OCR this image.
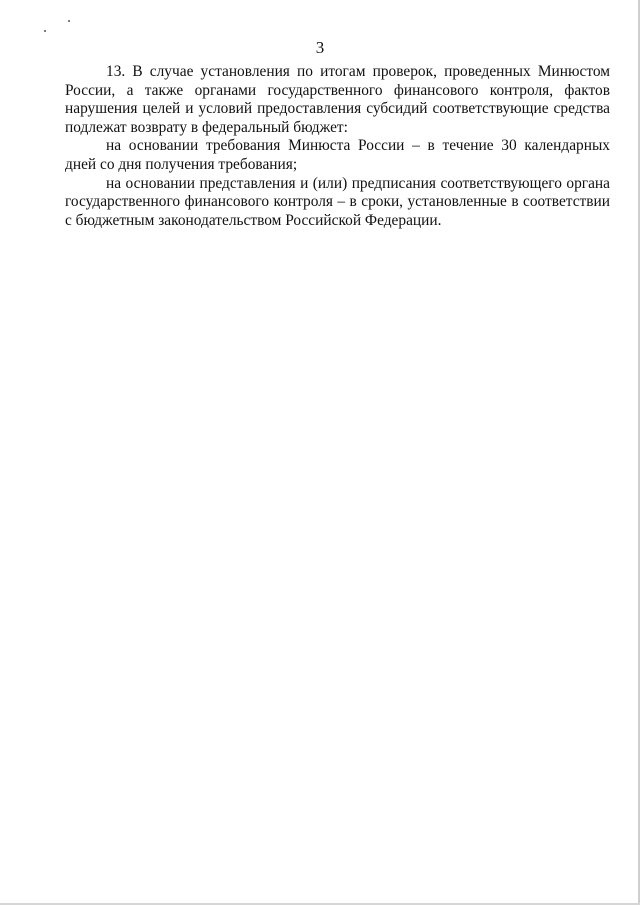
3

13. В случае установления по итогам проверок, проведенных Минюстом России, а также органами государственного финансового контроля, фактов нарушения целей и условий предоставления субсидий соответствующие средства подлежат возврату в федеральный бюджет:

на основании требования Минюста России – в течение 30 календарных дней со дня получения требования;

на основании представления и (или) предписания соответствующего органа государственного финансового контроля – в сроки, установленные в соответствии с бюджетным законодательством Российской Федерации.
